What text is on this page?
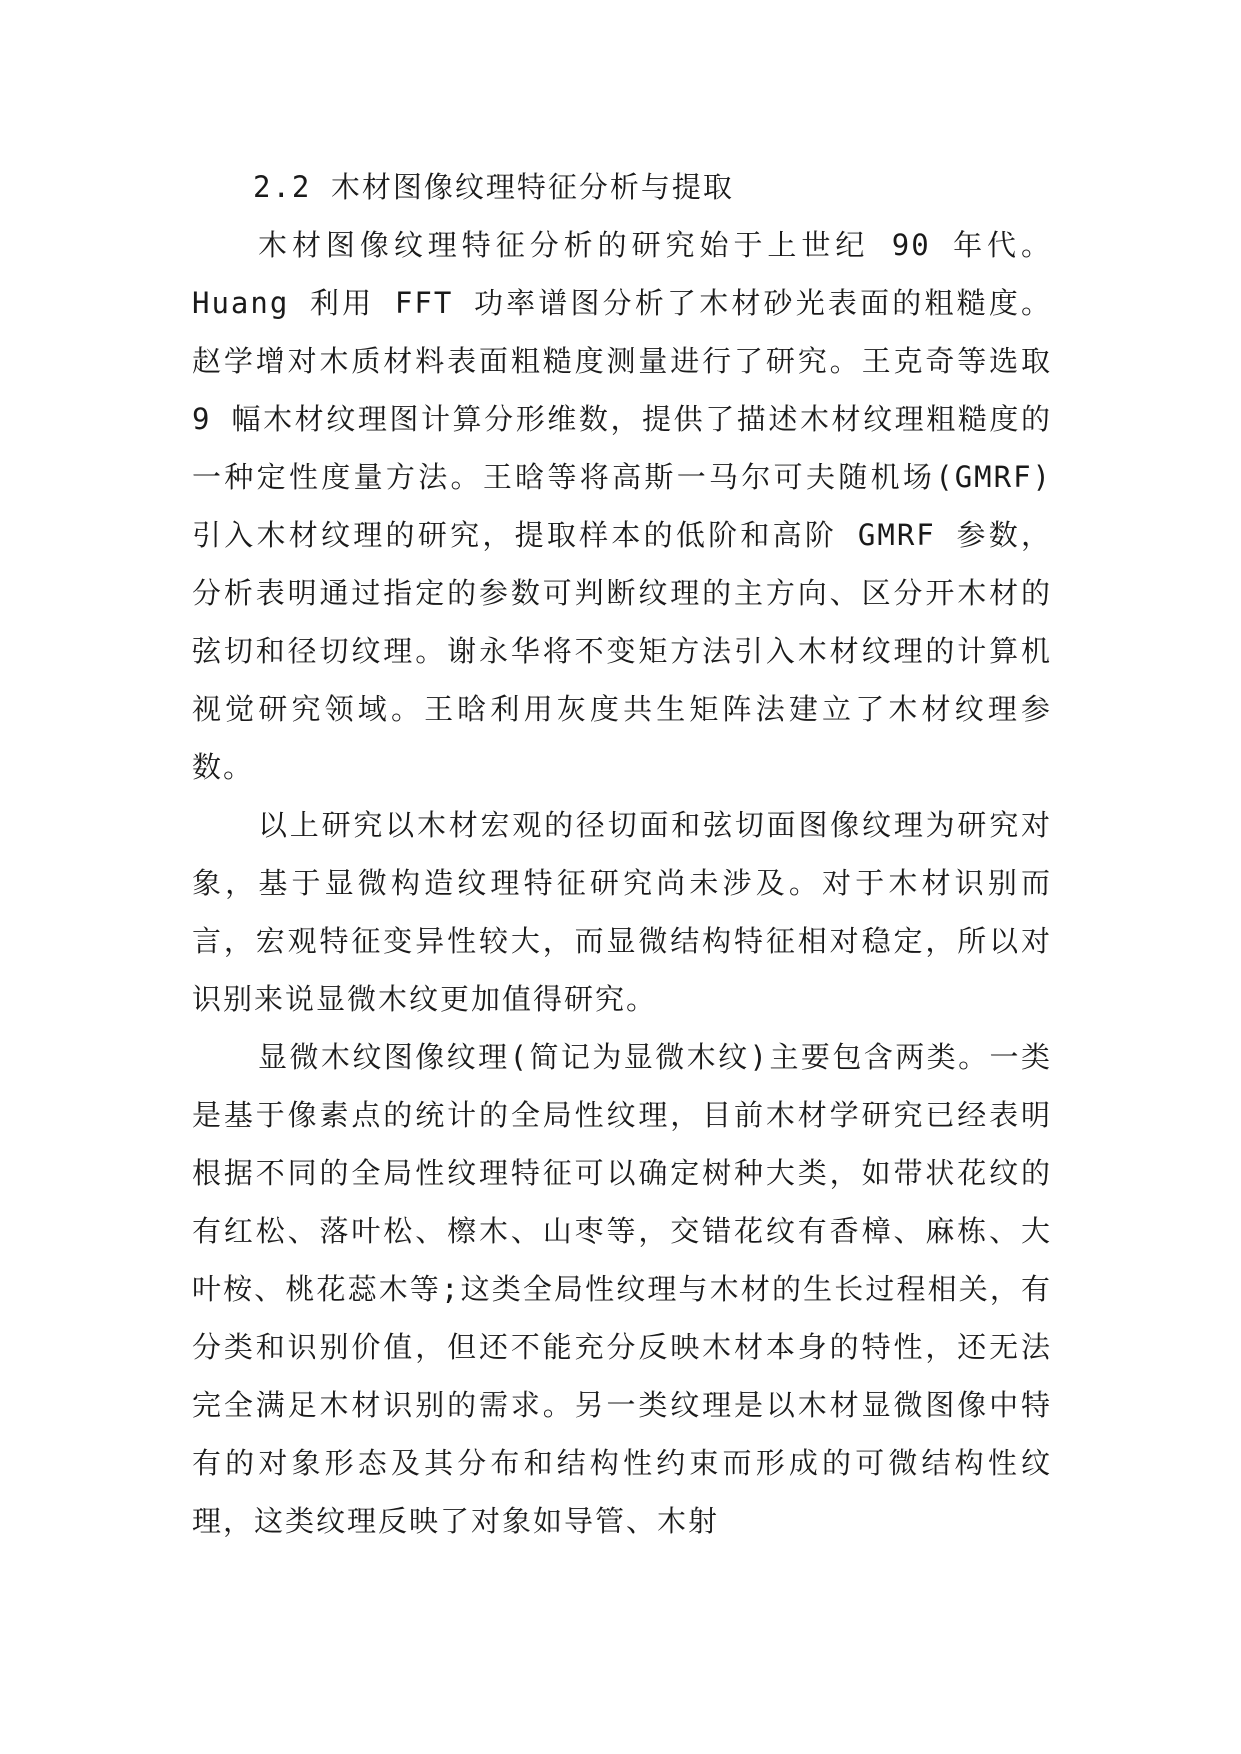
2.2 木材图像纹理特征分析与提取

木材图像纹理特征分析的研究始于上世纪 90 年代。Huang 利用 FFT 功率谱图分析了木材砂光表面的粗糙度。赵学增对木质材料表面粗糙度测量进行了研究。王克奇等选取 9 幅木材纹理图计算分形维数，提供了描述木材纹理粗糙度的一种定性度量方法。王晗等将高斯一马尔可夫随机场(GMRF)引入木材纹理的研究，提取样本的低阶和高阶 GMRF 参数，分析表明通过指定的参数可判断纹理的主方向、区分开木材的弦切和径切纹理。谢永华将不变矩方法引入木材纹理的计算机视觉研究领域。王晗利用灰度共生矩阵法建立了木材纹理参数。

以上研究以木材宏观的径切面和弦切面图像纹理为研究对象，基于显微构造纹理特征研究尚未涉及。对于木材识别而言，宏观特征变异性较大，而显微结构特征相对稳定，所以对识别来说显微木纹更加值得研究。

显微木纹图像纹理(简记为显微木纹)主要包含两类。一类是基于像素点的统计的全局性纹理，目前木材学研究已经表明根据不同的全局性纹理特征可以确定树种大类，如带状花纹的有红松、落叶松、檫木、山枣等，交错花纹有香樟、麻栋、大叶桉、桃花蕊木等;这类全局性纹理与木材的生长过程相关，有分类和识别价值，但还不能充分反映木材本身的特性，还无法完全满足木材识别的需求。另一类纹理是以木材显微图像中特有的对象形态及其分布和结构性约束而形成的可微结构性纹理，这类纹理反映了对象如导管、木射
